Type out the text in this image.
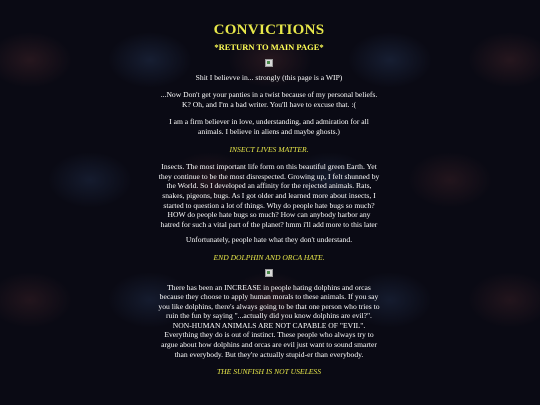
CONVICTIONS
*RETURN TO MAIN PAGE*

Shit I believve in... strongly (this page is a WIP)

...Now Don't get your panties in a twist because of my personal beliefs. K? Oh, and I'm a bad writer. You'll have to excuse that. :(

I am a firm believer in love, understanding, and admiration for all animals. I believe in aliens and maybe ghosts.)

INSECT LIVES MATTER.

Insects. The most important life form on this beautiful green Earth. Yet they continue to be the most disrespected. Growing up, I felt shunned by the World. So I developed an affinity for the rejected animals. Rats, snakes, pigeons, bugs. As I got older and learned more about insects, I started to question a lot of things. Why do people hate bugs so much? HOW do people hate bugs so much? How can anybody harbor any hatred for such a vital part of the planet? hmm i'll add more to this later

Unfortunately, people hate what they don't understand.

END DOLPHIN AND ORCA HATE.

There has been an INCREASE in people hating dolphins and orcas because they choose to apply human morals to these animals. If you say you like dolphins, there's always going to be that one person who tries to ruin the fun by saying "...actually did you know dolphins are evil?". NON-HUMAN ANIMALS ARE NOT CAPABLE OF "EVIL". Everything they do is out of instinct. These people who always try to argue about how dolphins and orcas are evil just want to sound smarter than everybody. But they're actually stupid-er than everybody.

THE SUNFISH IS NOT USELESS
